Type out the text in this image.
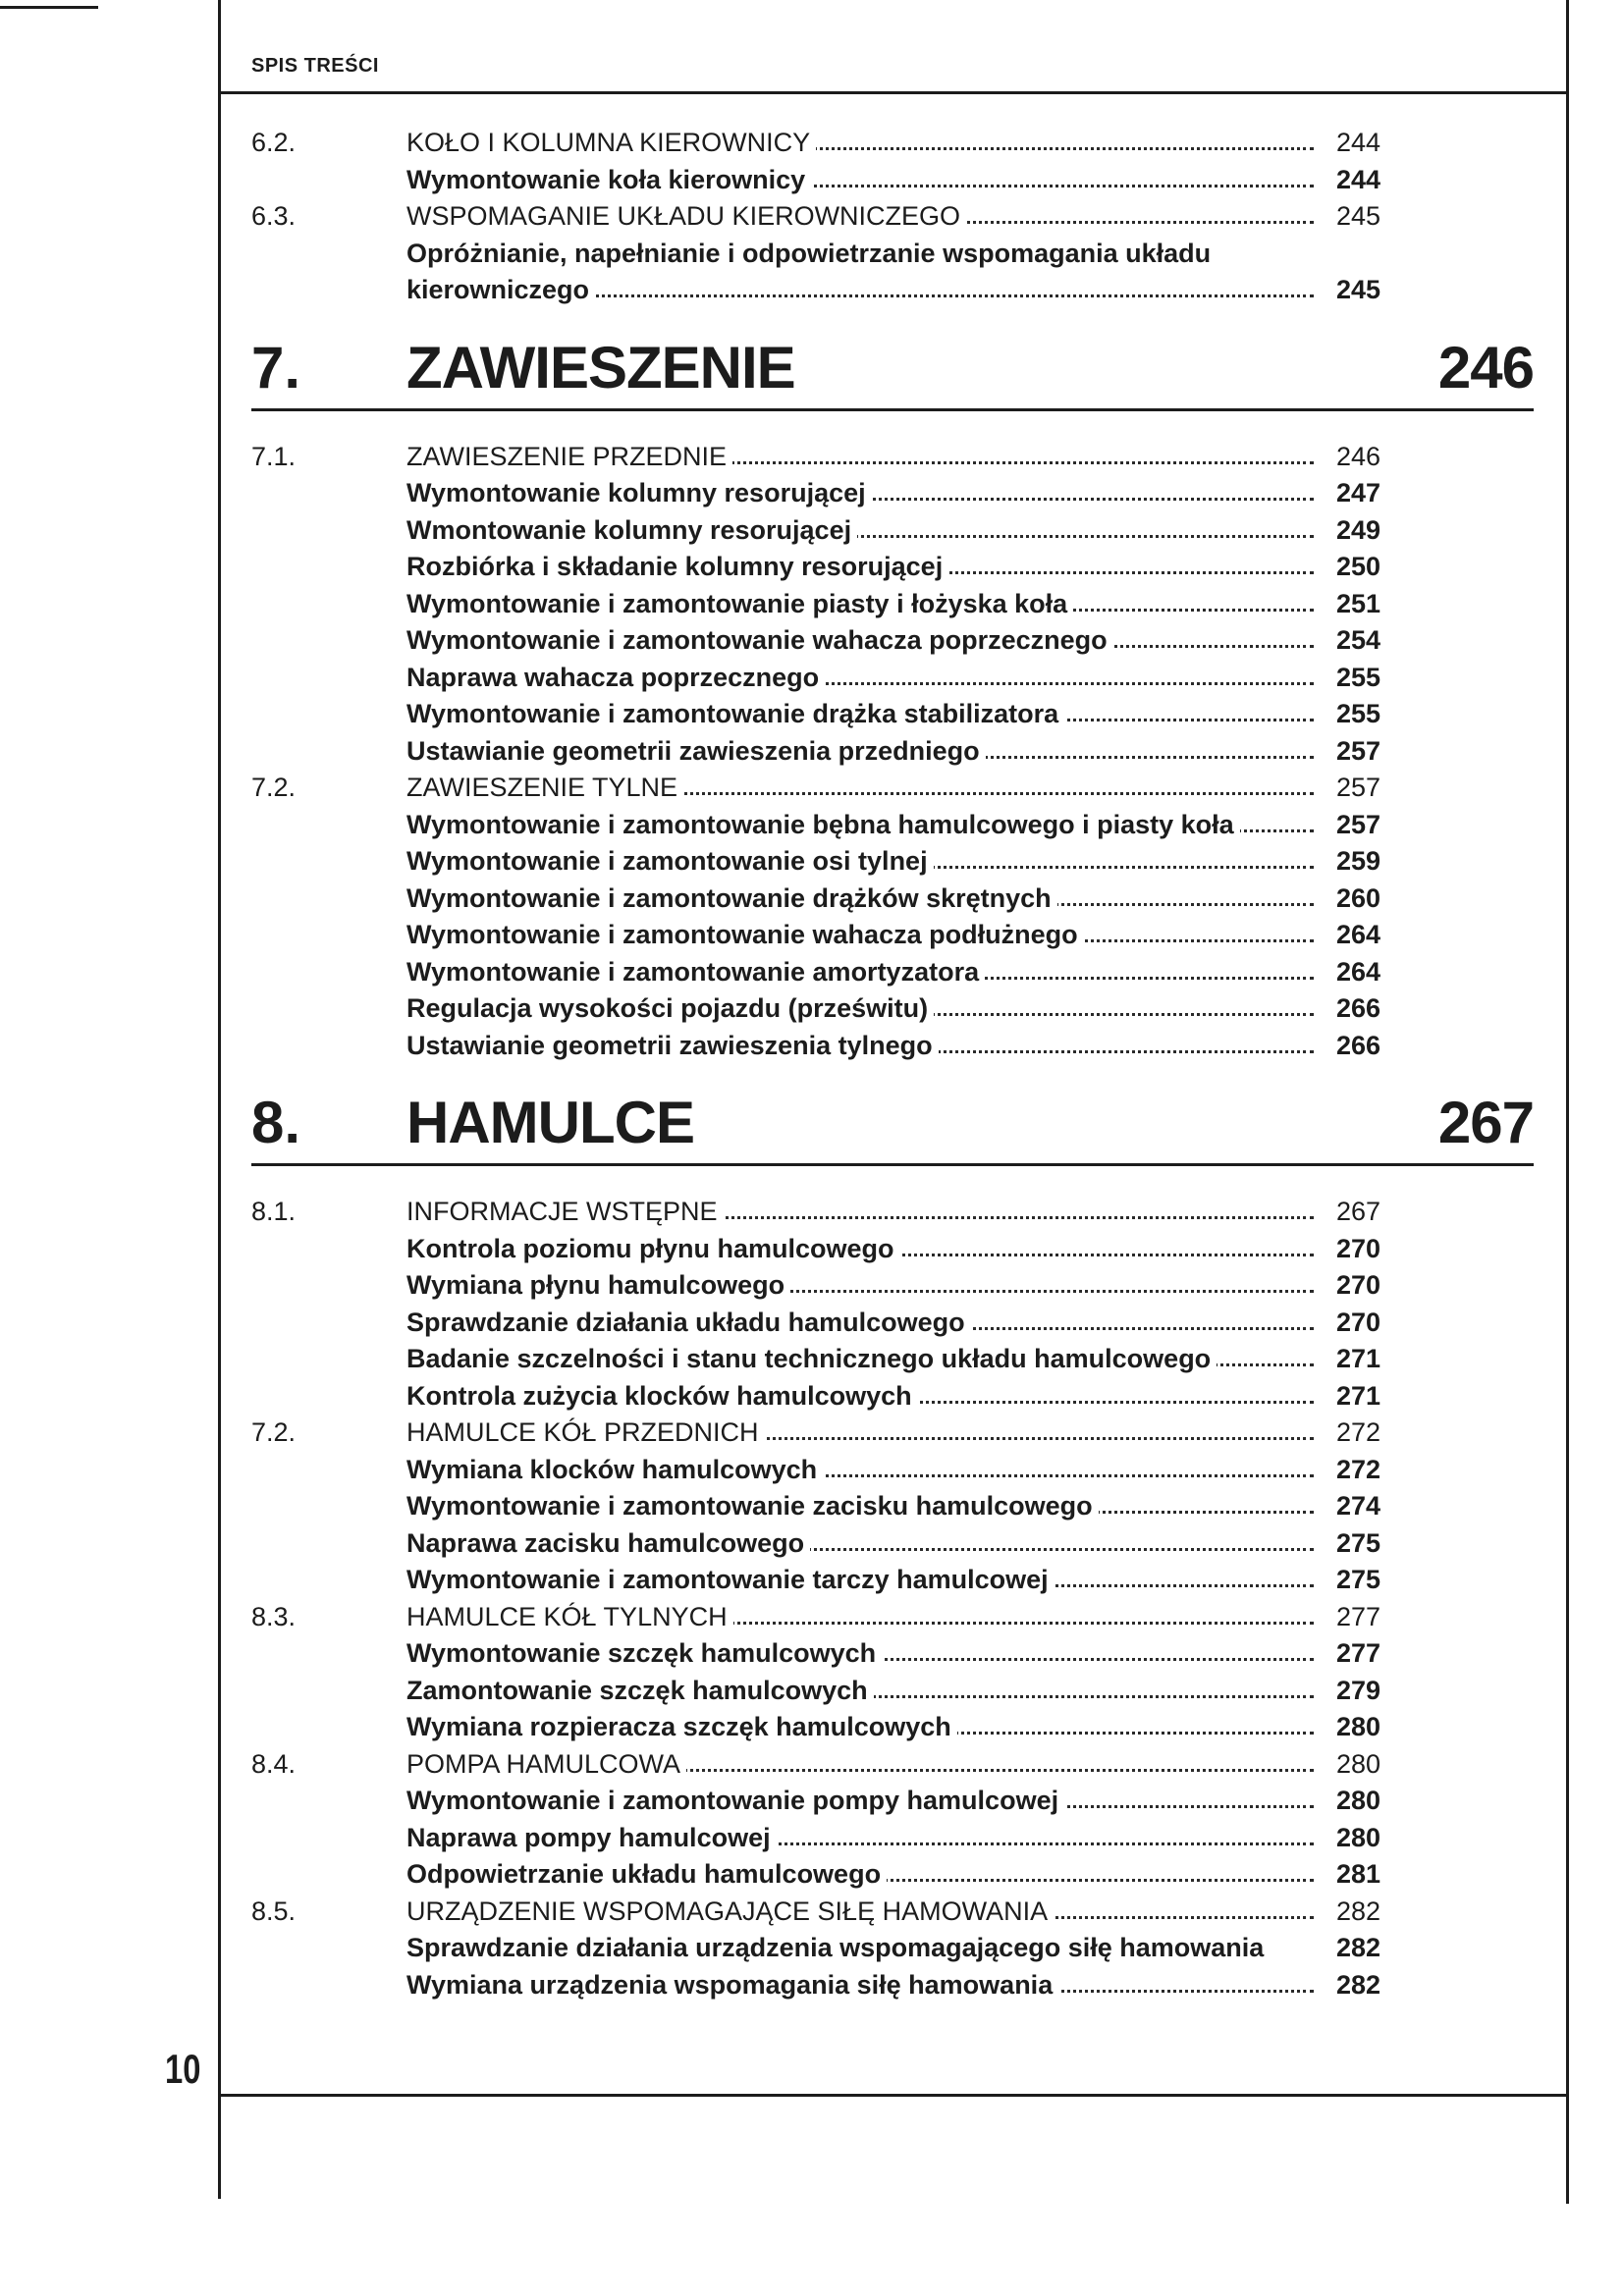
SPIS TREŚCI
6.2.	KOŁO I KOLUMNA KIEROWNICY	244
Wymontowanie koła kierownicy	244
6.3.	WSPOMAGANIE UKŁADU KIEROWNICZEGO	245
Opróżnianie, napełnianie i odpowietrzanie wspomagania układu
kierowniczego	245
7. ZAWIESZENIE	246
7.1.	ZAWIESZENIE PRZEDNIE	246
Wymontowanie kolumny resorującej	247
Wmontowanie kolumny resorującej	249
Rozbiórka i składanie kolumny resorującej	250
Wymontowanie i zamontowanie piasty i łożyska koła	251
Wymontowanie i zamontowanie wahacza poprzecznego	254
Naprawa wahacza poprzecznego	255
Wymontowanie i zamontowanie drążka stabilizatora	255
Ustawianie geometrii zawieszenia przedniego	257
7.2.	ZAWIESZENIE TYLNE	257
Wymontowanie i zamontowanie bębna hamulcowego i piasty koła	257
Wymontowanie i zamontowanie osi tylnej	259
Wymontowanie i zamontowanie drążków skrętnych	260
Wymontowanie i zamontowanie wahacza podłużnego	264
Wymontowanie i zamontowanie amortyzatora	264
Regulacja wysokości pojazdu (prześwitu)	266
Ustawianie geometrii zawieszenia tylnego	266
8. HAMULCE	267
8.1.	INFORMACJE WSTĘPNE	267
Kontrola poziomu płynu hamulcowego	270
Wymiana płynu hamulcowego	270
Sprawdzanie działania układu hamulcowego	270
Badanie szczelności i stanu technicznego układu hamulcowego	271
Kontrola zużycia klocków hamulcowych	271
7.2.	HAMULCE KÓŁ PRZEDNICH	272
Wymiana klocków hamulcowych	272
Wymontowanie i zamontowanie zacisku hamulcowego	274
Naprawa zacisku hamulcowego	275
Wymontowanie i zamontowanie tarczy hamulcowej	275
8.3.	HAMULCE KÓŁ TYLNYCH	277
Wymontowanie szczęk hamulcowych	277
Zamontowanie szczęk hamulcowych	279
Wymiana rozpieracza szczęk hamulcowych	280
8.4.	POMPA HAMULCOWA	280
Wymontowanie i zamontowanie pompy hamulcowej	280
Naprawa pompy hamulcowej	280
Odpowietrzanie układu hamulcowego	281
8.5.	URZĄDZENIE WSPOMAGAJĄCE SIŁĘ HAMOWANIA	282
Sprawdzanie działania urządzenia wspomagającego siłę hamowania	282
Wymiana urządzenia wspomagania siłę hamowania	282
10
